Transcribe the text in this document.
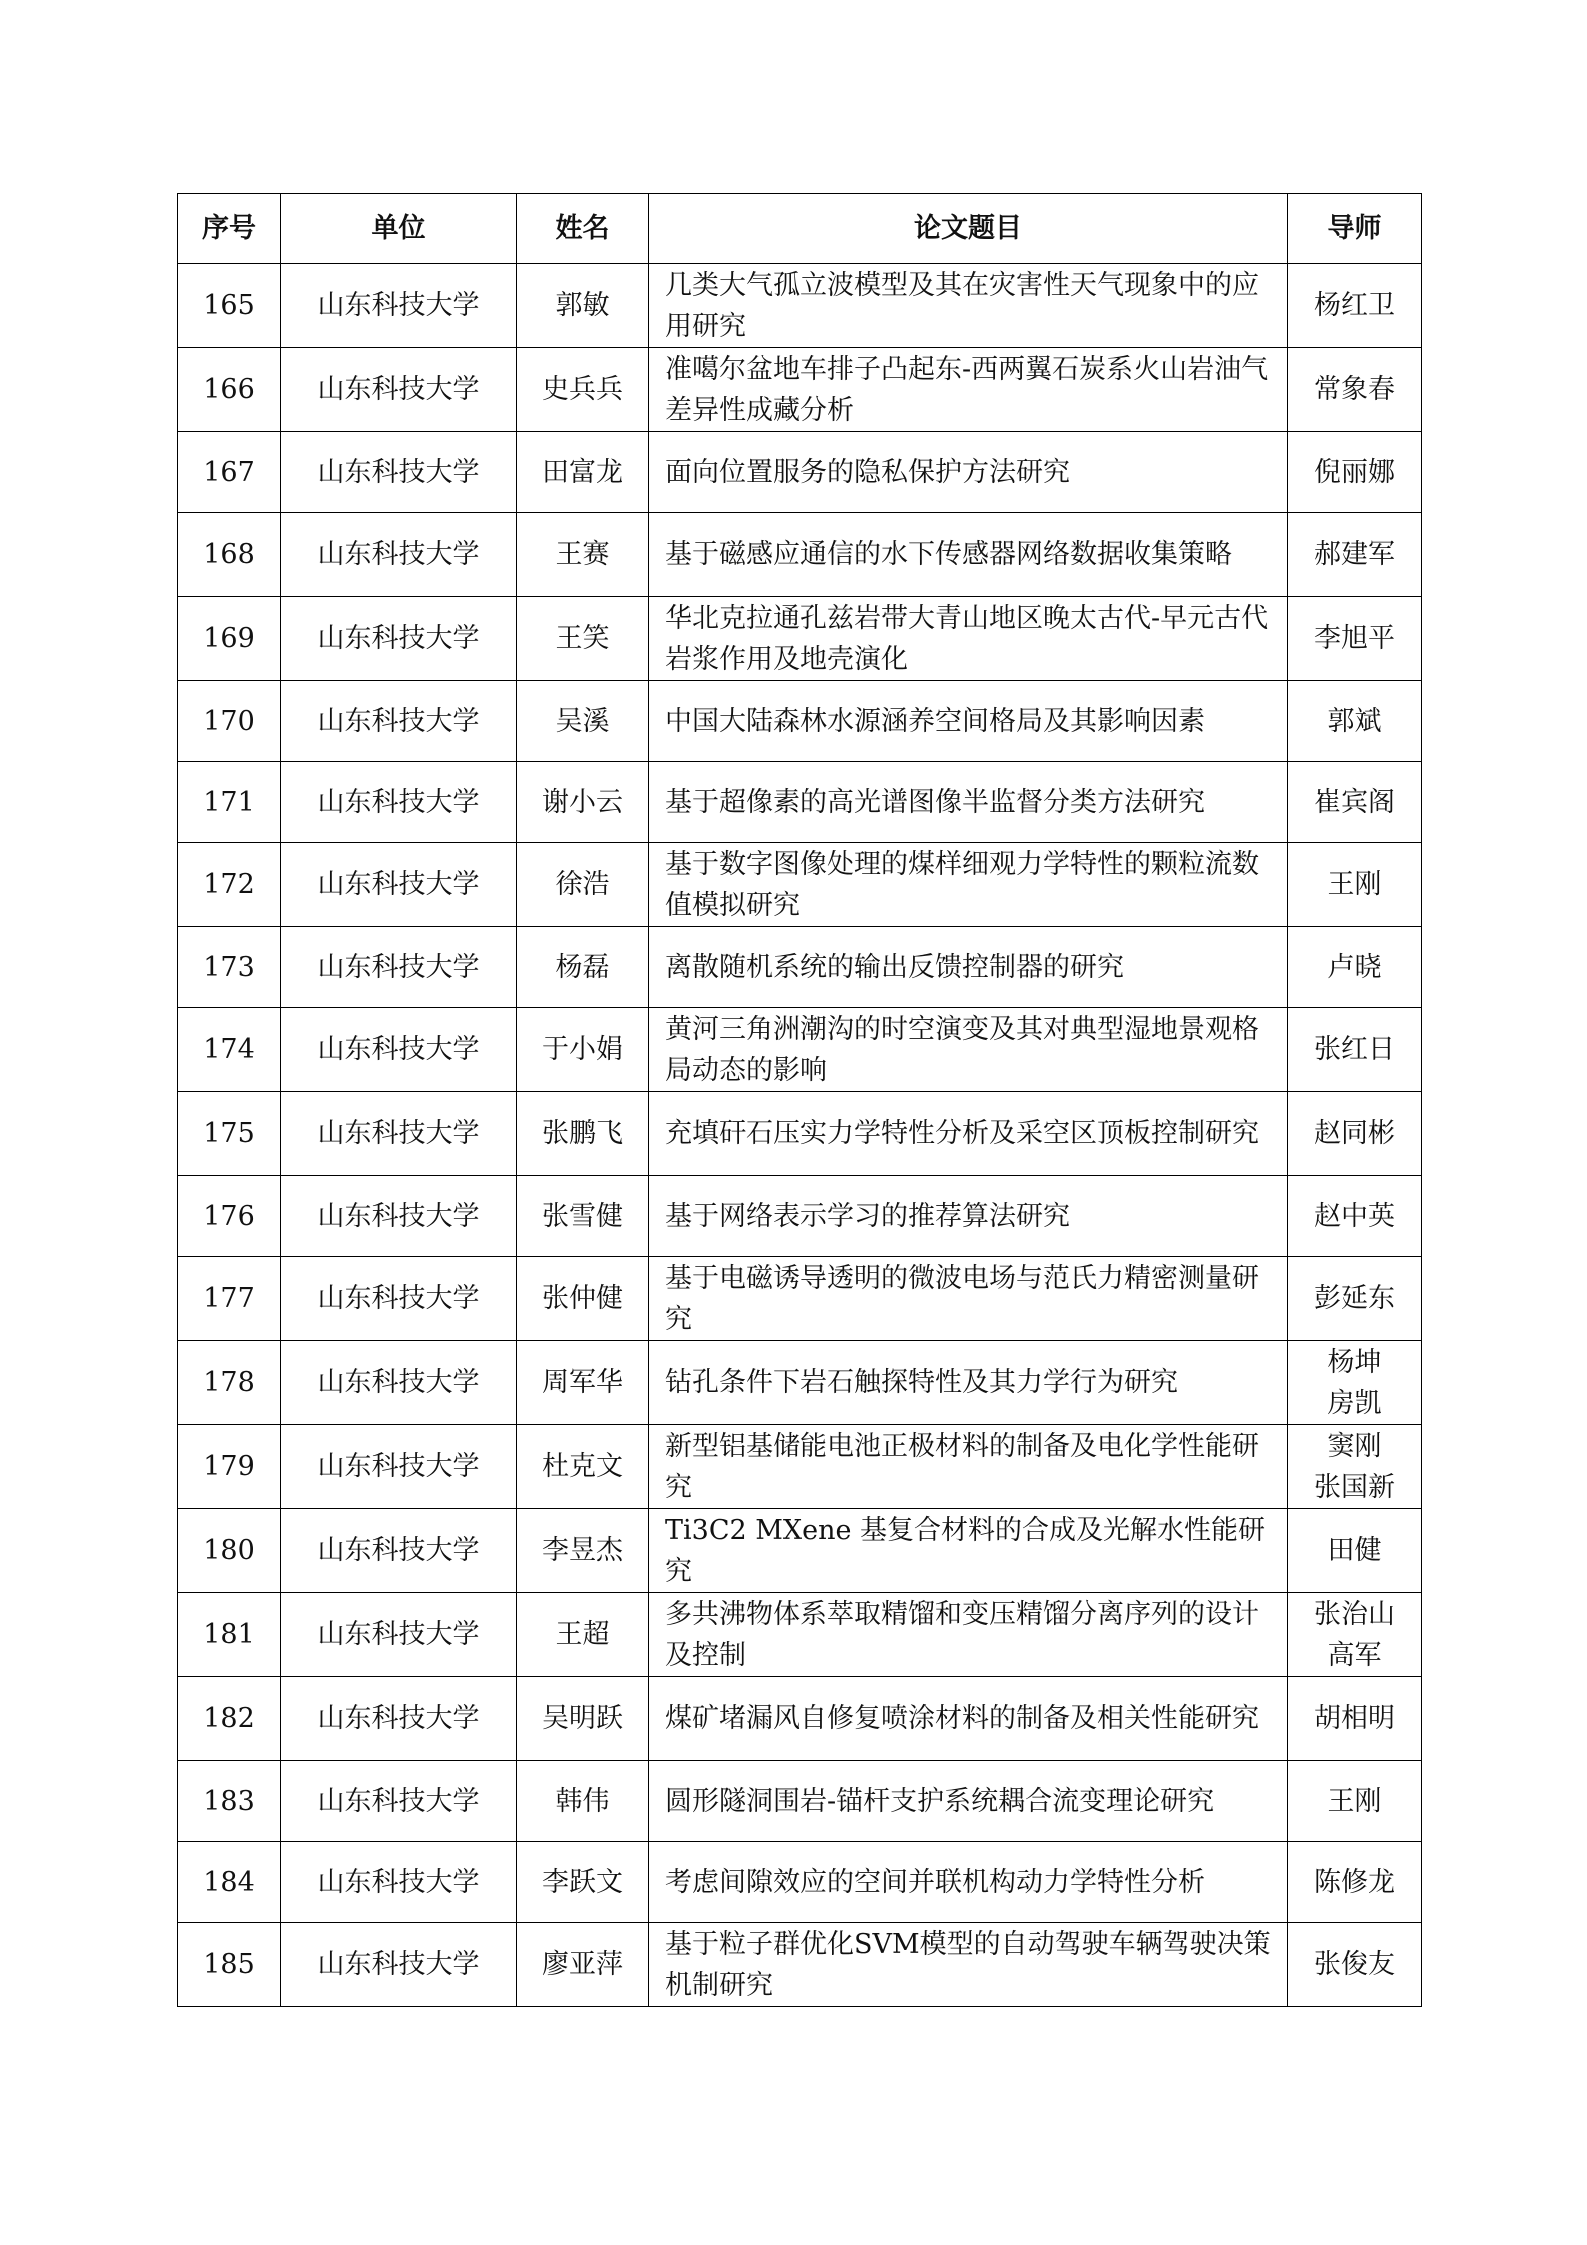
序号	单位	姓名	论文题目	导师
165	山东科技大学	郭敏	几类大气孤立波模型及其在灾害性天气现象中的应用研究	杨红卫

166	山东科技大学	史兵兵	准噶尔盆地车排子凸起东-西两翼石炭系火山岩油气差异性成藏分析	常象春

167	山东科技大学	田富龙	面向位置服务的隐私保护方法研究	倪丽娜

168	山东科技大学	王赛	基于磁感应通信的水下传感器网络数据收集策略	郝建军

169	山东科技大学	王笑	华北克拉通孔兹岩带大青山地区晚太古代-早元古代岩浆作用及地壳演化	李旭平

170	山东科技大学	吴溪	中国大陆森林水源涵养空间格局及其影响因素	郭斌

171	山东科技大学	谢小云	基于超像素的高光谱图像半监督分类方法研究	崔宾阁

172	山东科技大学	徐浩	基于数字图像处理的煤样细观力学特性的颗粒流数值模拟研究	王刚

173	山东科技大学	杨磊	离散随机系统的输出反馈控制器的研究	卢晓

174	山东科技大学	于小娟	黄河三角洲潮沟的时空演变及其对典型湿地景观格局动态的影响	张红日

175	山东科技大学	张鹏飞	充填矸石压实力学特性分析及采空区顶板控制研究	赵同彬

176	山东科技大学	张雪健	基于网络表示学习的推荐算法研究	赵中英

177	山东科技大学	张仲健	基于电磁诱导透明的微波电场与范氏力精密测量研究	彭延东

178	山东科技大学	周军华	钻孔条件下岩石触探特性及其力学行为研究	杨坤
房凯

179	山东科技大学	杜克文	新型铝基储能电池正极材料的制备及电化学性能研究	窦刚
张国新

180	山东科技大学	李昱杰	Ti3C2 MXene 基复合材料的合成及光解水性能研究	田健

181	山东科技大学	王超	多共沸物体系萃取精馏和变压精馏分离序列的设计及控制	张治山
高军

182	山东科技大学	吴明跃	煤矿堵漏风自修复喷涂材料的制备及相关性能研究	胡相明

183	山东科技大学	韩伟	圆形隧洞围岩-锚杆支护系统耦合流变理论研究	王刚

184	山东科技大学	李跃文	考虑间隙效应的空间并联机构动力学特性分析	陈修龙

185	山东科技大学	廖亚萍	基于粒子群优化SVM模型的自动驾驶车辆驾驶决策机制研究	张俊友
